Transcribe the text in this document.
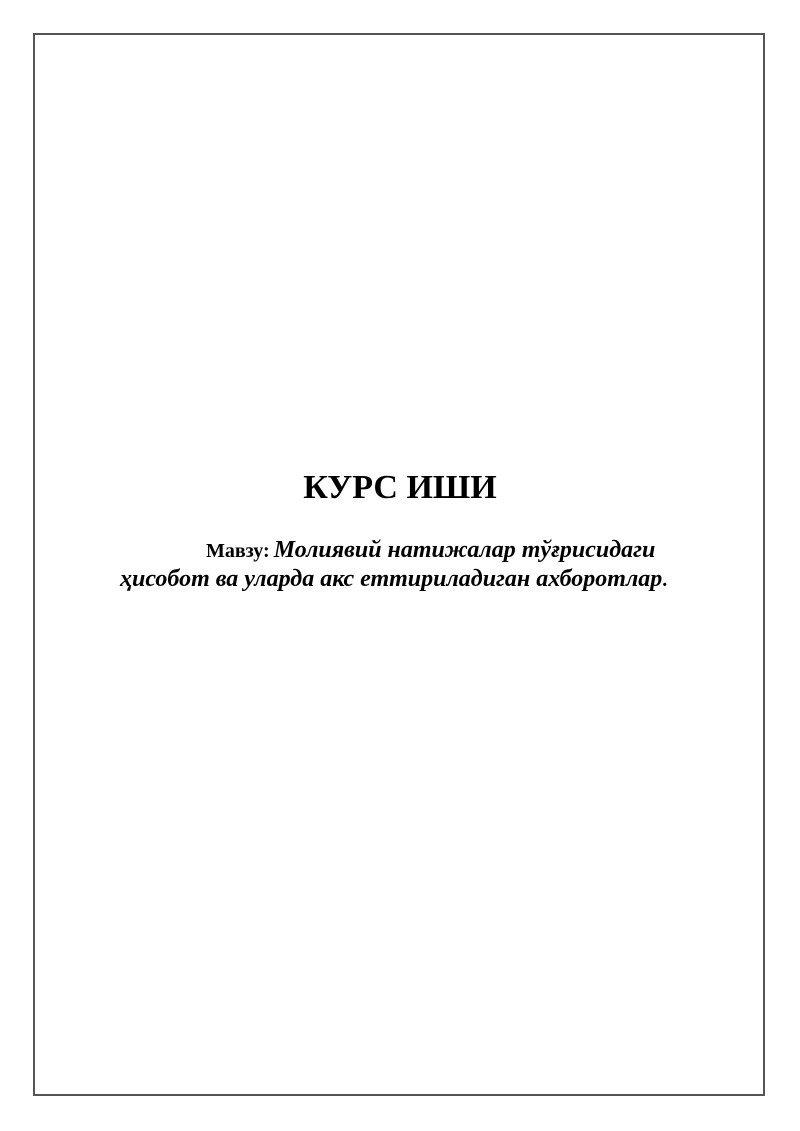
КУРС ИШИ
Мавзу: Молиявий натижалар тўғрисидаги
ҳисобот ва уларда акс еттириладиган ахборотлар.
